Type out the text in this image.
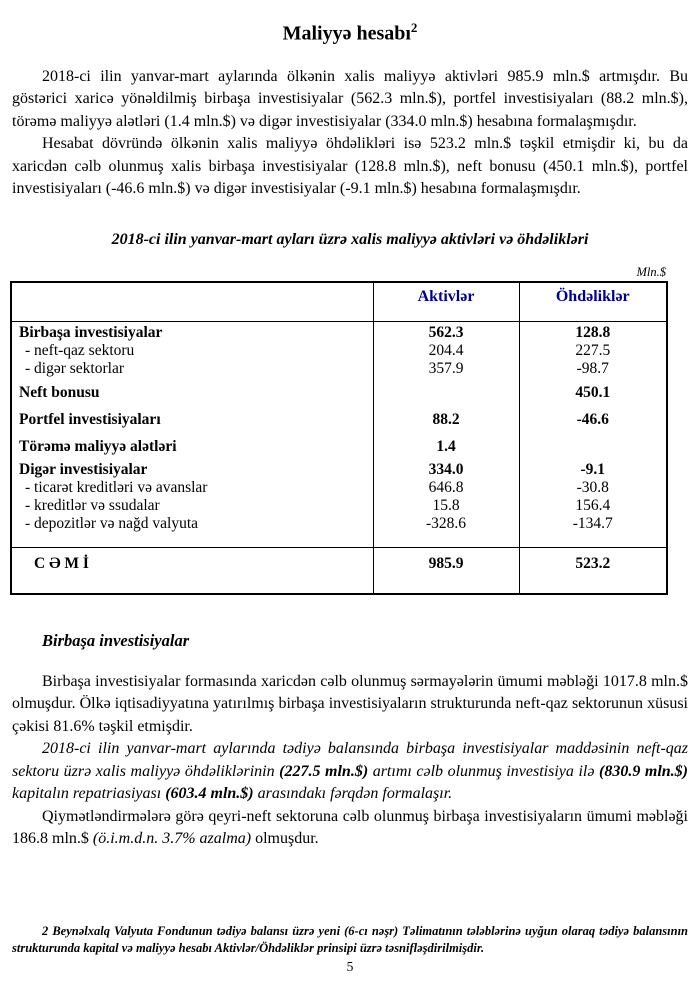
Maliyyə hesabı$^2$

2018-ci ilin yanvar-mart aylarında ölkənin xalis maliyyə aktivləri 985.9 mln.$ artmışdır. Bu göstərici xaricə yönəldilmiş birbaşa investisiyalar (562.3 mln.$), portfel investisiyaları (88.2 mln.$), törəmə maliyyə alətləri (1.4 mln.$) və digər investisiyalar (334.0 mln.$) hesabına formalaşmışdır.

Hesabat dövründə ölkənin xalis maliyyə öhdəlikləri isə 523.2 mln.$ təşkil etmişdir ki, bu da xaricdən cəlb olunmuş xalis birbaşa investisiyalar (128.8 mln.$), neft bonusu (450.1 mln.$), portfel investisiyaları (-46.6 mln.$) və digər investisiyalar (-9.1 mln.$) hesabına formalaşmışdır.

2018-ci ilin yanvar-mart ayları üzrə xalis maliyyə aktivləri və öhdəlikləri
Mln.$
	Aktivlər	Öhdəliklər
Birbaşa investisiyalar	562.3	128.8
- neft-qaz sektoru	204.4	227.5
- digər sektorlar	357.9	-98.7
Neft bonusu		450.1
Portfel investisiyaları	88.2	-46.6
Törəmə maliyyə alətləri	1.4	
Digər investisiyalar	334.0	-9.1
- ticarət kreditləri və avanslar	646.8	-30.8
- kreditlər və ssudalar	15.8	156.4
- depozitlər və nağd valyuta	-328.6	-134.7
C Ə M İ	985.9	523.2
Birbaşa investisiyalar

Birbaşa investisiyalar formasında xaricdən cəlb olunmuş sərmayələrin ümumi məbləği 1017.8 mln.$ olmuşdur. Ölkə iqtisadiyyatına yatırılmış birbaşa investisiyaların strukturunda neft-qaz sektorunun xüsusi çəkisi 81.6% təşkil etmişdir.

2018-ci ilin yanvar-mart aylarında tədiyə balansında birbaşa investisiyalar maddəsinin neft-qaz sektoru üzrə xalis maliyyə öhdəliklərinin (227.5 mln.$) artımı cəlb olunmuş investisiya ilə (830.9 mln.$) kapitalın repatriasiyası (603.4 mln.$) arasındakı fərqdən formalaşır.

Qiymətləndirmələrə görə qeyri-neft sektoruna cəlb olunmuş birbaşa investisiyaların ümumi məbləği 186.8 mln.$ (ö.i.m.d.n. 3.7% azalma) olmuşdur.

2 Beynəlxalq Valyuta Fondunun tədiyə balansı üzrə yeni (6-cı nəşr) Təlimatının tələblərinə uyğun olaraq tədiyə balansının strukturunda kapital və maliyyə hesabı Aktivlər/Öhdəliklər prinsipi üzrə təsnifləşdirilmişdir.
5
